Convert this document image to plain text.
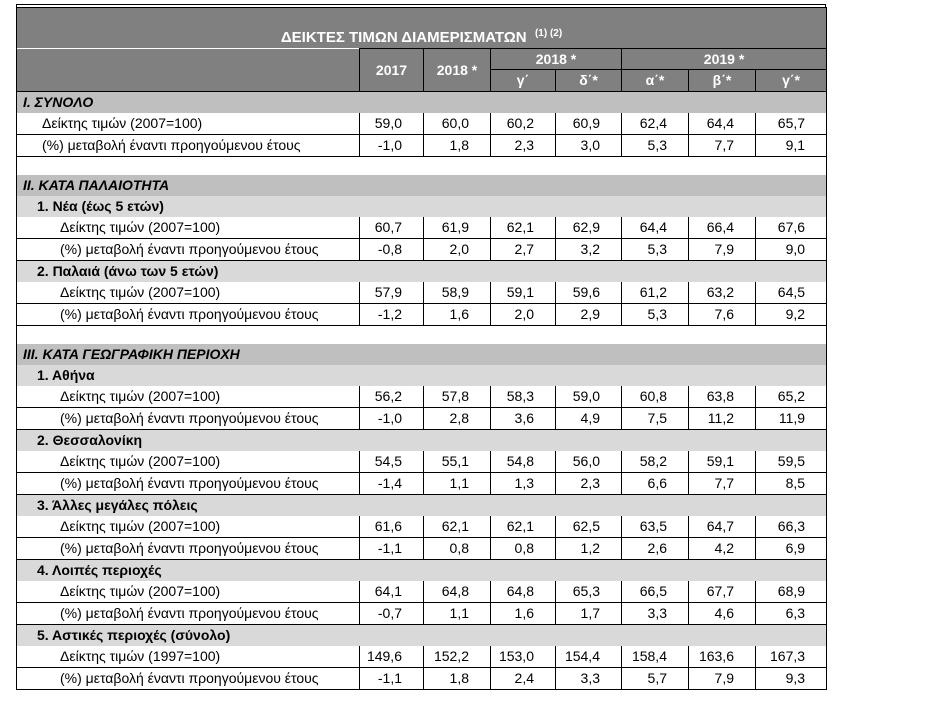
ΔΕΙΚΤΕΣ ΤΙΜΩΝ ΔΙΑΜΕΡΙΣΜΑΤΩΝ $^{(1) (2)}$
	2017	2018 *	2018 *		2019 *		
			γ΄	δ΄*	α΄*	β΄*	γ΄*
Ι. ΣΥΝΟΛΟ							
Δείκτης τιμών (2007=100)	59,0	60,0	60,2	60,9	62,4	64,4	65,7
(%) μεταβολή έναντι προηγούμενου έτους	-1,0	1,8	2,3	3,0	5,3	7,7	9,1

ΙΙ. ΚΑΤΑ ΠΑΛΑΙΟΤΗΤΑ							
1. Νέα (έως 5 ετών)							
Δείκτης τιμών (2007=100)	60,7	61,9	62,1	62,9	64,4	66,4	67,6
(%) μεταβολή έναντι προηγούμενου έτους	-0,8	2,0	2,7	3,2	5,3	7,9	9,0
2. Παλαιά (άνω των 5 ετών)							
Δείκτης τιμών (2007=100)	57,9	58,9	59,1	59,6	61,2	63,2	64,5
(%) μεταβολή έναντι προηγούμενου έτους	-1,2	1,6	2,0	2,9	5,3	7,6	9,2

ΙΙΙ. ΚΑΤΑ ΓΕΩΓΡΑΦΙΚΗ ΠΕΡΙΟΧΗ							
1. Αθήνα							
Δείκτης τιμών (2007=100)	56,2	57,8	58,3	59,0	60,8	63,8	65,2
(%) μεταβολή έναντι προηγούμενου έτους	-1,0	2,8	3,6	4,9	7,5	11,2	11,9
2. Θεσσαλονίκη							
Δείκτης τιμών (2007=100)	54,5	55,1	54,8	56,0	58,2	59,1	59,5
(%) μεταβολή έναντι προηγούμενου έτους	-1,4	1,1	1,3	2,3	6,6	7,7	8,5
3. Άλλες μεγάλες πόλεις							
Δείκτης τιμών (2007=100)	61,6	62,1	62,1	62,5	63,5	64,7	66,3
(%) μεταβολή έναντι προηγούμενου έτους	-1,1	0,8	0,8	1,2	2,6	4,2	6,9
4. Λοιπές περιοχές							
Δείκτης τιμών (2007=100)	64,1	64,8	64,8	65,3	66,5	67,7	68,9
(%) μεταβολή έναντι προηγούμενου έτους	-0,7	1,1	1,6	1,7	3,3	4,6	6,3
5. Αστικές περιοχές (σύνολο)							
Δείκτης τιμών (1997=100)	149,6	152,2	153,0	154,4	158,4	163,6	167,3
(%) μεταβολή έναντι προηγούμενου έτους	-1,1	1,8	2,4	3,3	5,7	7,9	9,3
